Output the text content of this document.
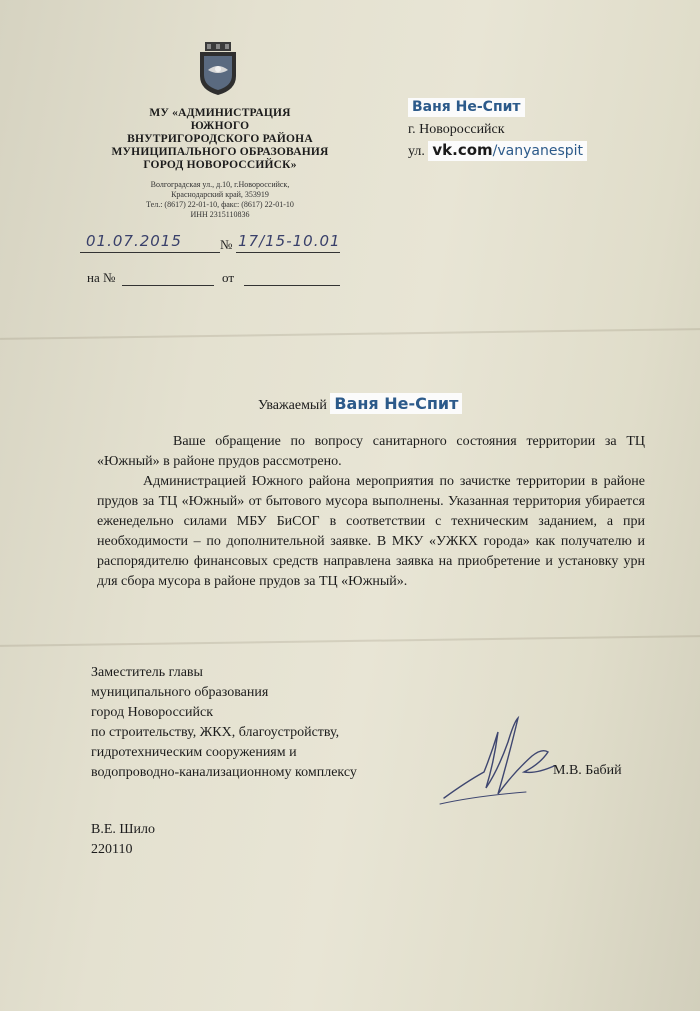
МУ «АДМИНИСТРАЦИЯ
ЮЖНОГО
ВНУТРИГОРОДСКОГО РАЙОНА
МУНИЦИПАЛЬНОГО ОБРАЗОВАНИЯ
ГОРОД НОВОРОССИЙСК»
Волгоградская ул., д.10, г.Новороссийск,
Краснодарский край, 353919
Тел.: (8617) 22-01-10, факс: (8617) 22-01-10
ИНН 2315110836
01.07.2015	№ 17/15-10.01
на №	от
Ваня Не-Спит
г. Новороссийск
ул. vk.com/vanyanespit
Уважаемый Ваня Не-Спит

Ваше обращение по вопросу санитарного состояния территории за ТЦ «Южный» в районе прудов рассмотрено.

Администрацией Южного района мероприятия по зачистке территории в районе прудов за ТЦ «Южный» от бытового мусора выполнены. Указанная территория убирается еженедельно силами МБУ БиСОГ в соответствии с техническим заданием, а при необходимости – по дополнительной заявке. В МКУ «УЖКХ города» как получателю и распорядителю финансовых средств направлена заявка на приобретение и установку урн для сбора мусора в районе прудов за ТЦ «Южный».

Заместитель главы
муниципального образования
город Новороссийск
по строительству, ЖКХ, благоустройству,
гидротехническим сооружениям и
водопроводно-канализационному комплексу	М.В. Бабий
В.Е. Шило
220110
